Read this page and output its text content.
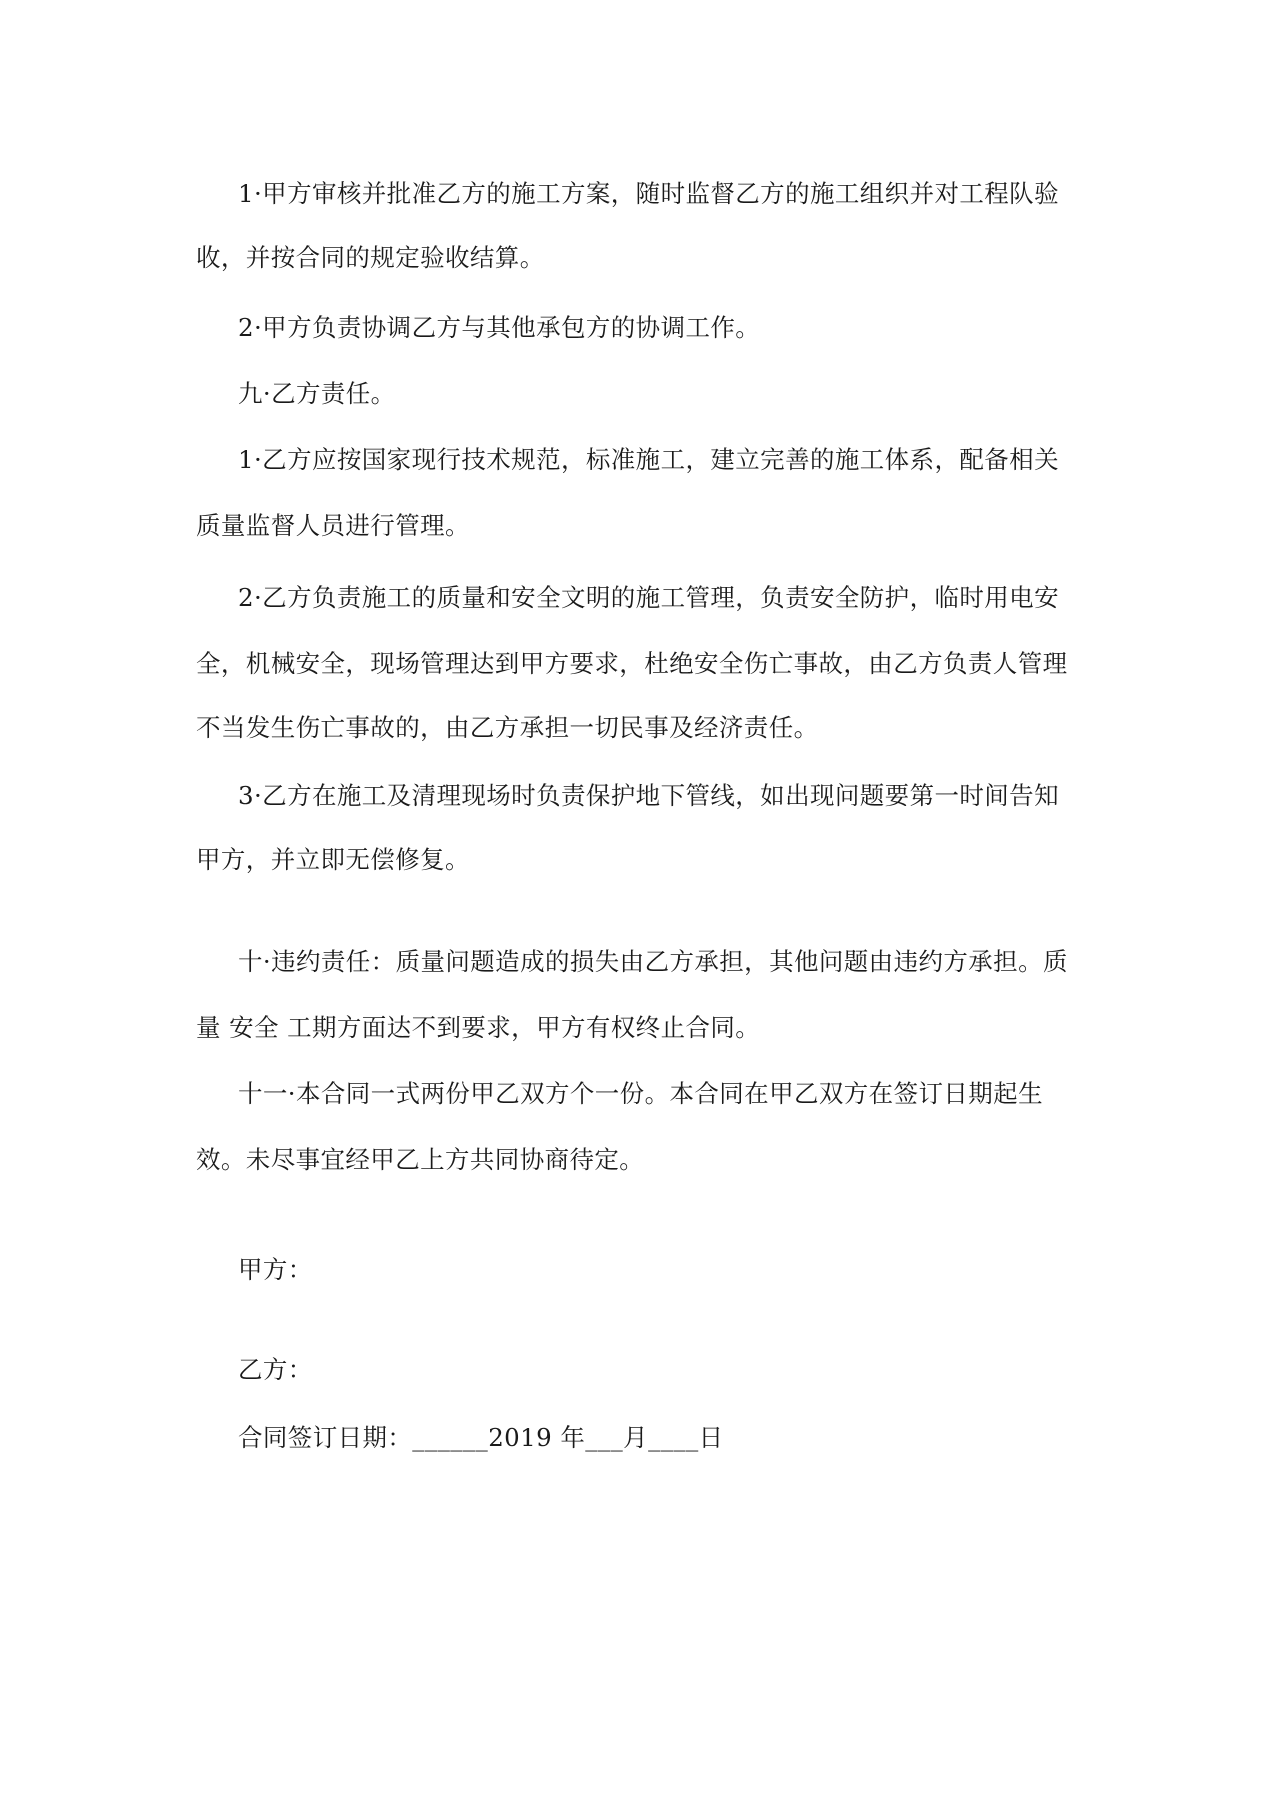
1·甲方审核并批准乙方的施工方案，随时监督乙方的施工组织并对工程队验

收，并按合同的规定验收结算。

2·甲方负责协调乙方与其他承包方的协调工作。

九·乙方责任。

1·乙方应按国家现行技术规范，标准施工，建立完善的施工体系，配备相关

质量监督人员进行管理。

2·乙方负责施工的质量和安全文明的施工管理，负责安全防护，临时用电安

全，机械安全，现场管理达到甲方要求，杜绝安全伤亡事故，由乙方负责人管理

不当发生伤亡事故的，由乙方承担一切民事及经济责任。

3·乙方在施工及清理现场时负责保护地下管线，如出现问题要第一时间告知

甲方，并立即无偿修复。

十·违约责任：质量问题造成的损失由乙方承担，其他问题由违约方承担。质

量 安全 工期方面达不到要求，甲方有权终止合同。

十一·本合同一式两份甲乙双方个一份。本合同在甲乙双方在签订日期起生

效。未尽事宜经甲乙上方共同协商待定。

甲方：

乙方：

合同签订日期：______2019 年___月____日
